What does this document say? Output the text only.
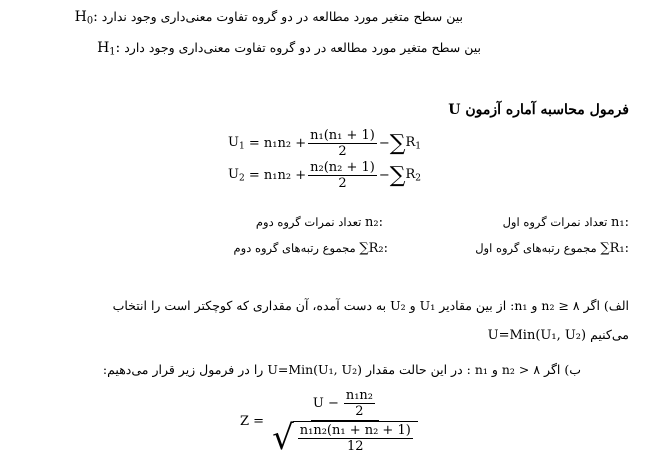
بین سطح متغیر مورد مطالعه در دو گروه تفاوت معنی‌داری وجود ندارد $H_0$:
بین سطح متغیر مورد مطالعه در دو گروه تفاوت معنی‌داری وجود دارد $H_1$:
فرمول محاسبه آماره آزمون U
$U_1$
= $n_1n_2 + \frac{\text{n₁(n₁ + 1)}}{2}$ − ∑ $R_1$
$U_2$
= $n_1n_2 + \frac{\text{n₂(n₂ + 1)}}{2}$ − ∑ $R_2$
n₁: تعداد نمرات گروه اول
n₂: تعداد نمرات گروه دوم
∑R₁: مجموع رتبه‌های گروه اول
∑R₂: مجموع رتبه‌های گروه دوم
الف) اگر ۸ ≤ n₂ و n₁: از بین مقادیر U₁ و U₂ به دست آمده، آن مقداری که کوچکتر است را انتخاب
می‌کنیم U=Min(U₁, U₂)
ب) اگر ۸ < n₂ و n₁ : در این حالت مقدار U=Min(U₁, U₂) را در فرمول زیر قرار می‌دهیم:
Z =
$U - \frac{\text{n₁n₂}}{2}$
√ $\frac{\text{n₁n₂(n₁ + n₂ + 1)}}{12}$
